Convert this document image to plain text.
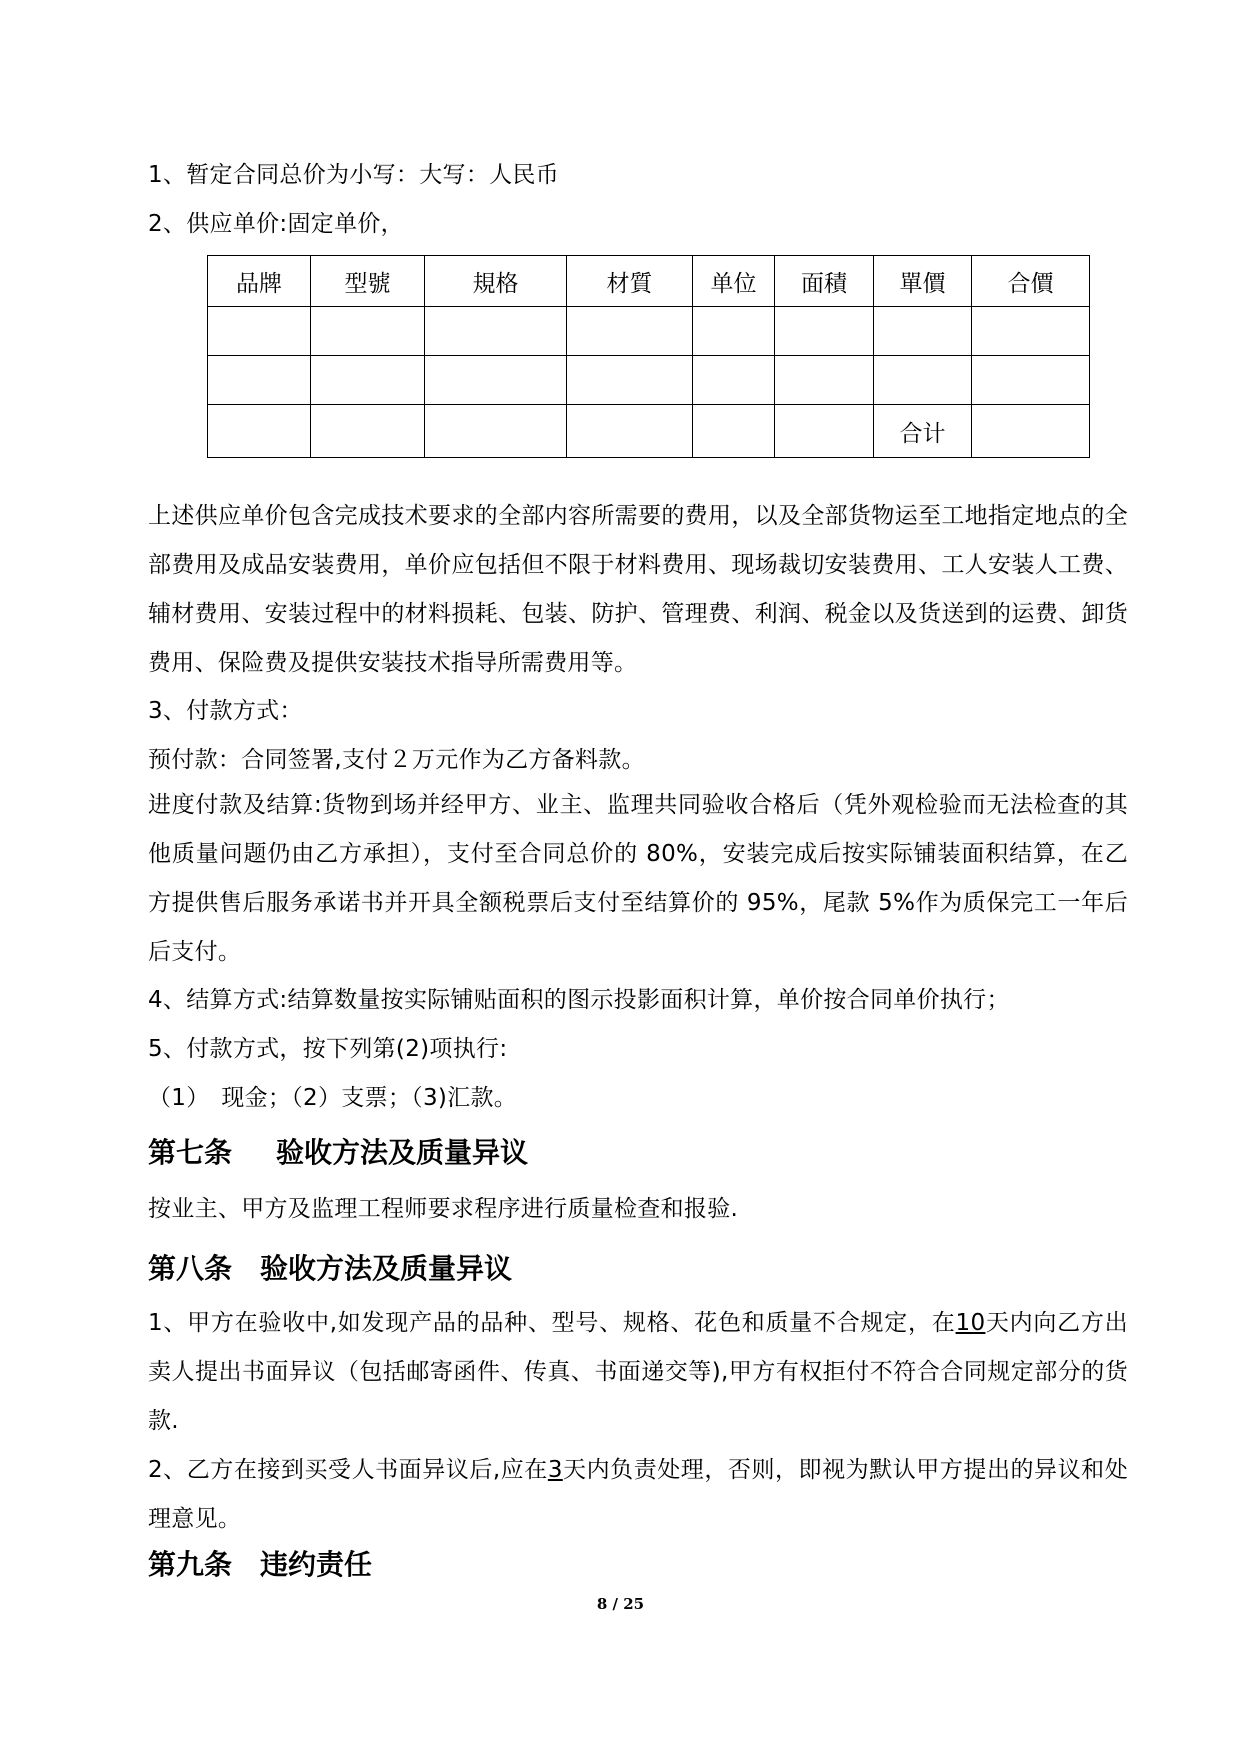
1、暂定合同总价为小写：大写：人民币
2、供应单价:固定单价，
品牌	型號	規格	材質	单位	面積	單價	合價

						合计	
上述供应单价包含完成技术要求的全部内容所需要的费用，以及全部货物运至工地指定地点的全部费用及成品安装费用，单价应包括但不限于材料费用、现场裁切安装费用、工人安装人工费、辅材费用、安装过程中的材料损耗、包装、防护、管理费、利润、税金以及货送到的运费、卸货费用、保险费及提供安装技术指导所需费用等。
3、付款方式：
预付款：合同签署,支付２万元作为乙方备料款。
进度付款及结算:货物到场并经甲方、业主、监理共同验收合格后（凭外观检验而无法检查的其他质量问题仍由乙方承担），支付至合同总价的 80%，安装完成后按实际铺装面积结算，在乙方提供售后服务承诺书并开具全额税票后支付至结算价的 95%，尾款 5%作为质保完工一年后后支付。
4、结算方式:结算数量按实际铺贴面积的图示投影面积计算，单价按合同单价执行；
5、付款方式，按下列第(2)项执行:
（1）　现金；（2）支票；（3)汇款。
第七条 验收方法及质量异议
按业主、甲方及监理工程师要求程序进行质量检查和报验.
第八条　验收方法及质量异议
1、甲方在验收中,如发现产品的品种、型号、规格、花色和质量不合规定，在10天内向乙方出卖人提出书面异议（包括邮寄函件、传真、书面递交等),甲方有权拒付不符合合同规定部分的货款.
2、乙方在接到买受人书面异议后,应在3天内负责处理，否则，即视为默认甲方提出的异议和处理意见。
第九条　违约责任
8 / 25
